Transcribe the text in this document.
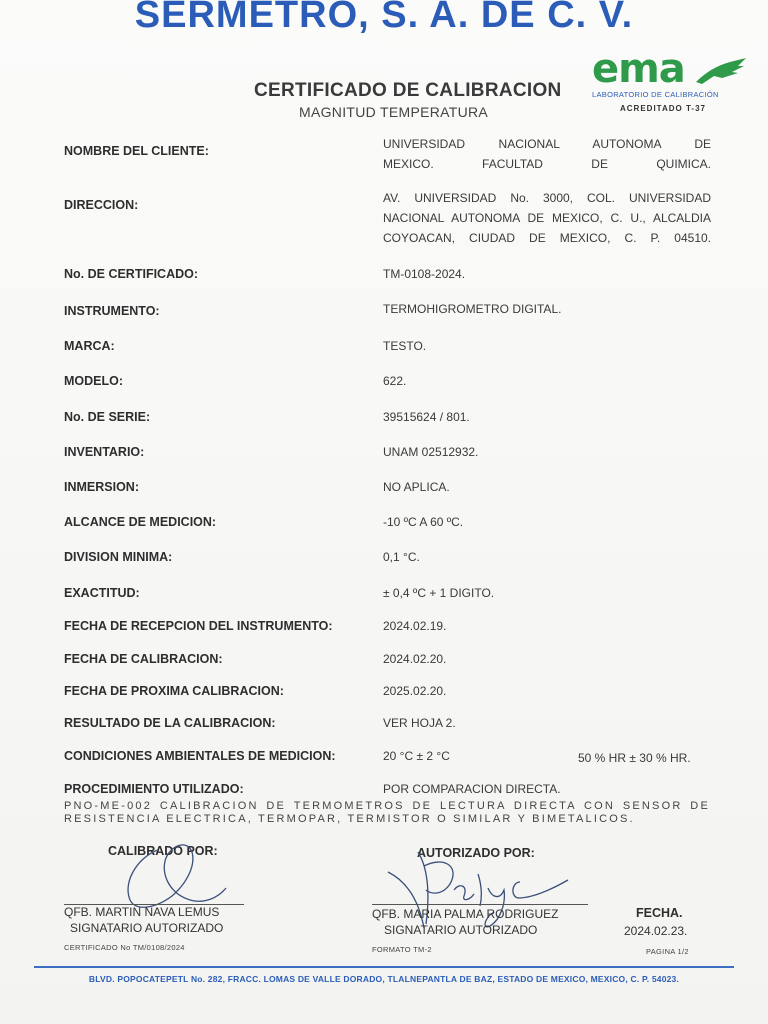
SERMETRO, S. A. DE C. V.
CERTIFICADO DE CALIBRACION
MAGNITUD TEMPERATURA
ema
LABORATORIO DE CALIBRACIÓN
ACREDITADO T-37
NOMBRE DEL CLIENTE:	UNIVERSIDAD NACIONAL AUTONOMA DE
MEXICO. FACULTAD DE QUIMICA.
DIRECCION:	AV. UNIVERSIDAD No. 3000, COL. UNIVERSIDAD NACIONAL AUTONOMA DE MEXICO, C. U., ALCALDIA
COYOACAN, CIUDAD DE MEXICO, C. P. 04510.
No. DE CERTIFICADO:	TM-0108-2024.
INSTRUMENTO:	TERMOHIGROMETRO DIGITAL.
MARCA:	TESTO.
MODELO:	622.
No. DE SERIE:	39515624 / 801.
INVENTARIO:	UNAM 02512932.
INMERSION:	NO APLICA.
ALCANCE DE MEDICION:	-10 ºC A 60 ºC.
DIVISION MINIMA:	0,1 °C.
EXACTITUD:	± 0,4 ºC + 1 DIGITO.
FECHA DE RECEPCION DEL INSTRUMENTO:	2024.02.19.
FECHA DE CALIBRACION:	2024.02.20.
FECHA DE PROXIMA CALIBRACION:	2025.02.20.
RESULTADO DE LA CALIBRACION:	VER HOJA 2.
CONDICIONES AMBIENTALES DE MEDICION:	20 °C ± 2 °C	50 % HR ± 30 % HR.
PROCEDIMIENTO UTILIZADO:	POR COMPARACION DIRECTA.
PNO-ME-002 CALIBRACION DE TERMOMETROS DE LECTURA DIRECTA CON SENSOR DE RESISTENCIA ELECTRICA, TERMOPAR, TERMISTOR O SIMILAR Y BIMETALICOS.
CALIBRADO POR:
QFB. MARTIN NAVA LEMUS
SIGNATARIO AUTORIZADO
AUTORIZADO POR:
QFB. MARIA PALMA RODRIGUEZ
SIGNATARIO AUTORIZADO
FECHA.
2024.02.23.
CERTIFICADO No TM/0108/2024	FORMATO TM-2	PAGINA 1/2
BLVD. POPOCATEPETL No. 282, FRACC. LOMAS DE VALLE DORADO, TLALNEPANTLA DE BAZ, ESTADO DE MEXICO, MEXICO, C. P. 54023.
